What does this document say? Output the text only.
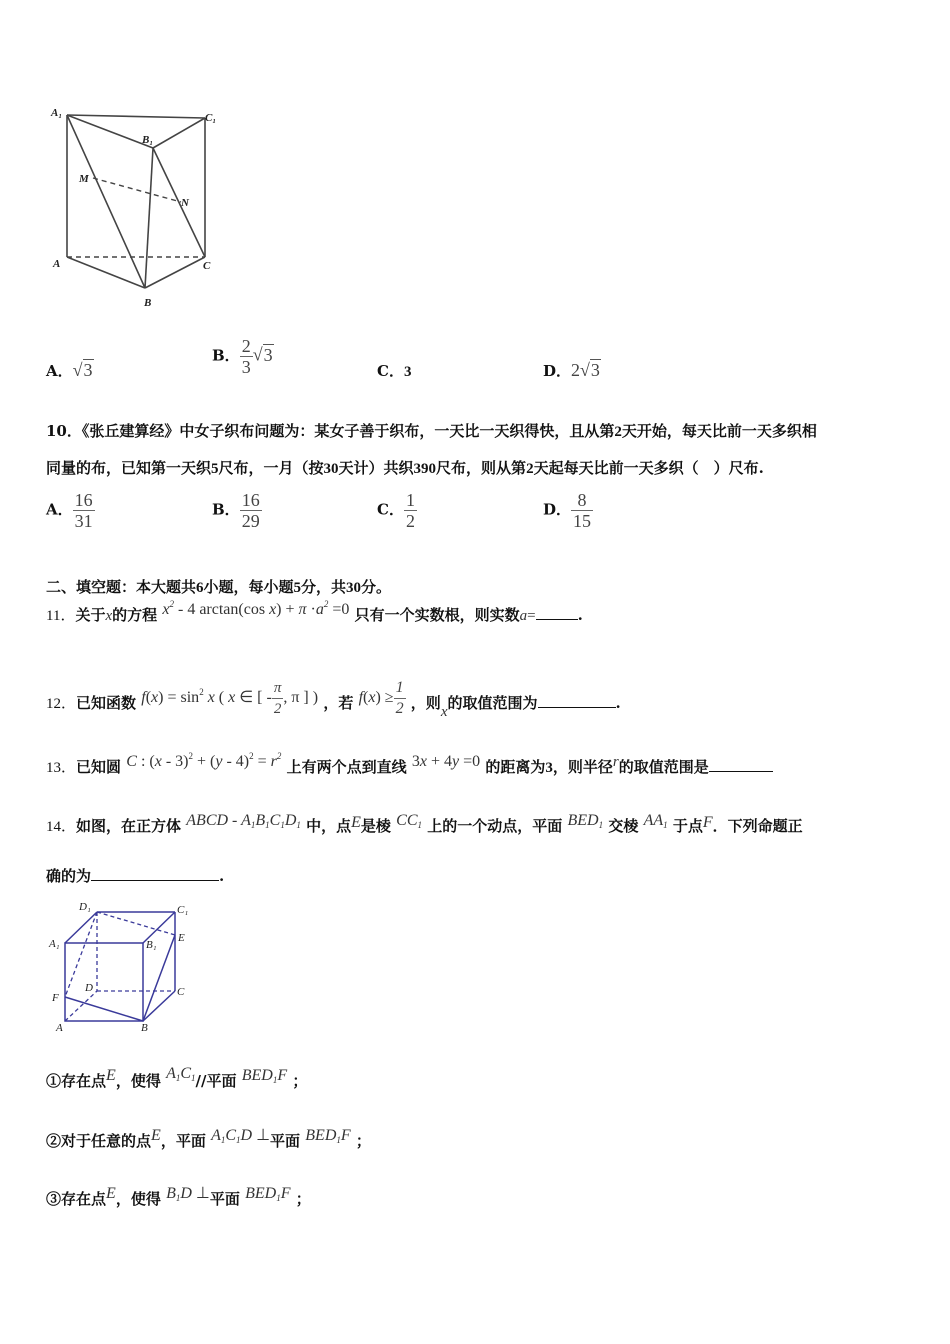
A₁	C₁
B₁
M
N
A	C
B
A．√3
B． $\frac{2}{3} √3$
C．3	D．2√3
10．《张丘建算经》中女子织布问题为：某女子善于织布，一天比一天织得快，且从第2天开始，每天比前一天多织相
同量的布，已知第一天织5尺布，一月（按30天计）共织390尺布，则从第2天起每天比前一天多织（　）尺布.
A． $\frac{16}{31}$	B． $\frac{16}{29}$	C． $\frac{1}{2}$	D． $\frac{8}{15}$
二、填空题：本大题共6小题，每小题5分，共30分。
11．关于x的方程 $x^2 - 4$ arctan(cos $x) + \pi \cdot a^2 =0$ 只有一个实数根，则实数a=	.
12．已知函数 $f(x) = \sin^2 x$ ( x ∈ [ - $\frac{\pi}{2}$ , π ] ) ，若 $f(x) \ge \frac{1}{2}$ ，则x的取值范围为	.
13．已知圆 C : $(x - 3)^2 + (y - 4)^2 = r^2$ 上有两个点到直线 3x + 4y =0 的距离为3，则半径r的取值范围是
14．如图，在正方体 ABCD - $A_1B_1C_1D_1$ 中，点E是棱 $CC_1$ 上的一个动点，平面 $BED_1$ 交棱 $AA_1$ 于点F．下列命题正
确的为	.
D₁	C₁
A₁	B₁
E
D	C
F
A	B
①存在点E，使得 $A_1C_1//$平面 $BED_1F$ ；
②对于任意的点E，平面 $A_1C_1D$ ⊥平面 $BED_1F$ ；
③存在点E，使得 $B_1D$ ⊥平面 $BED_1F$ ；
